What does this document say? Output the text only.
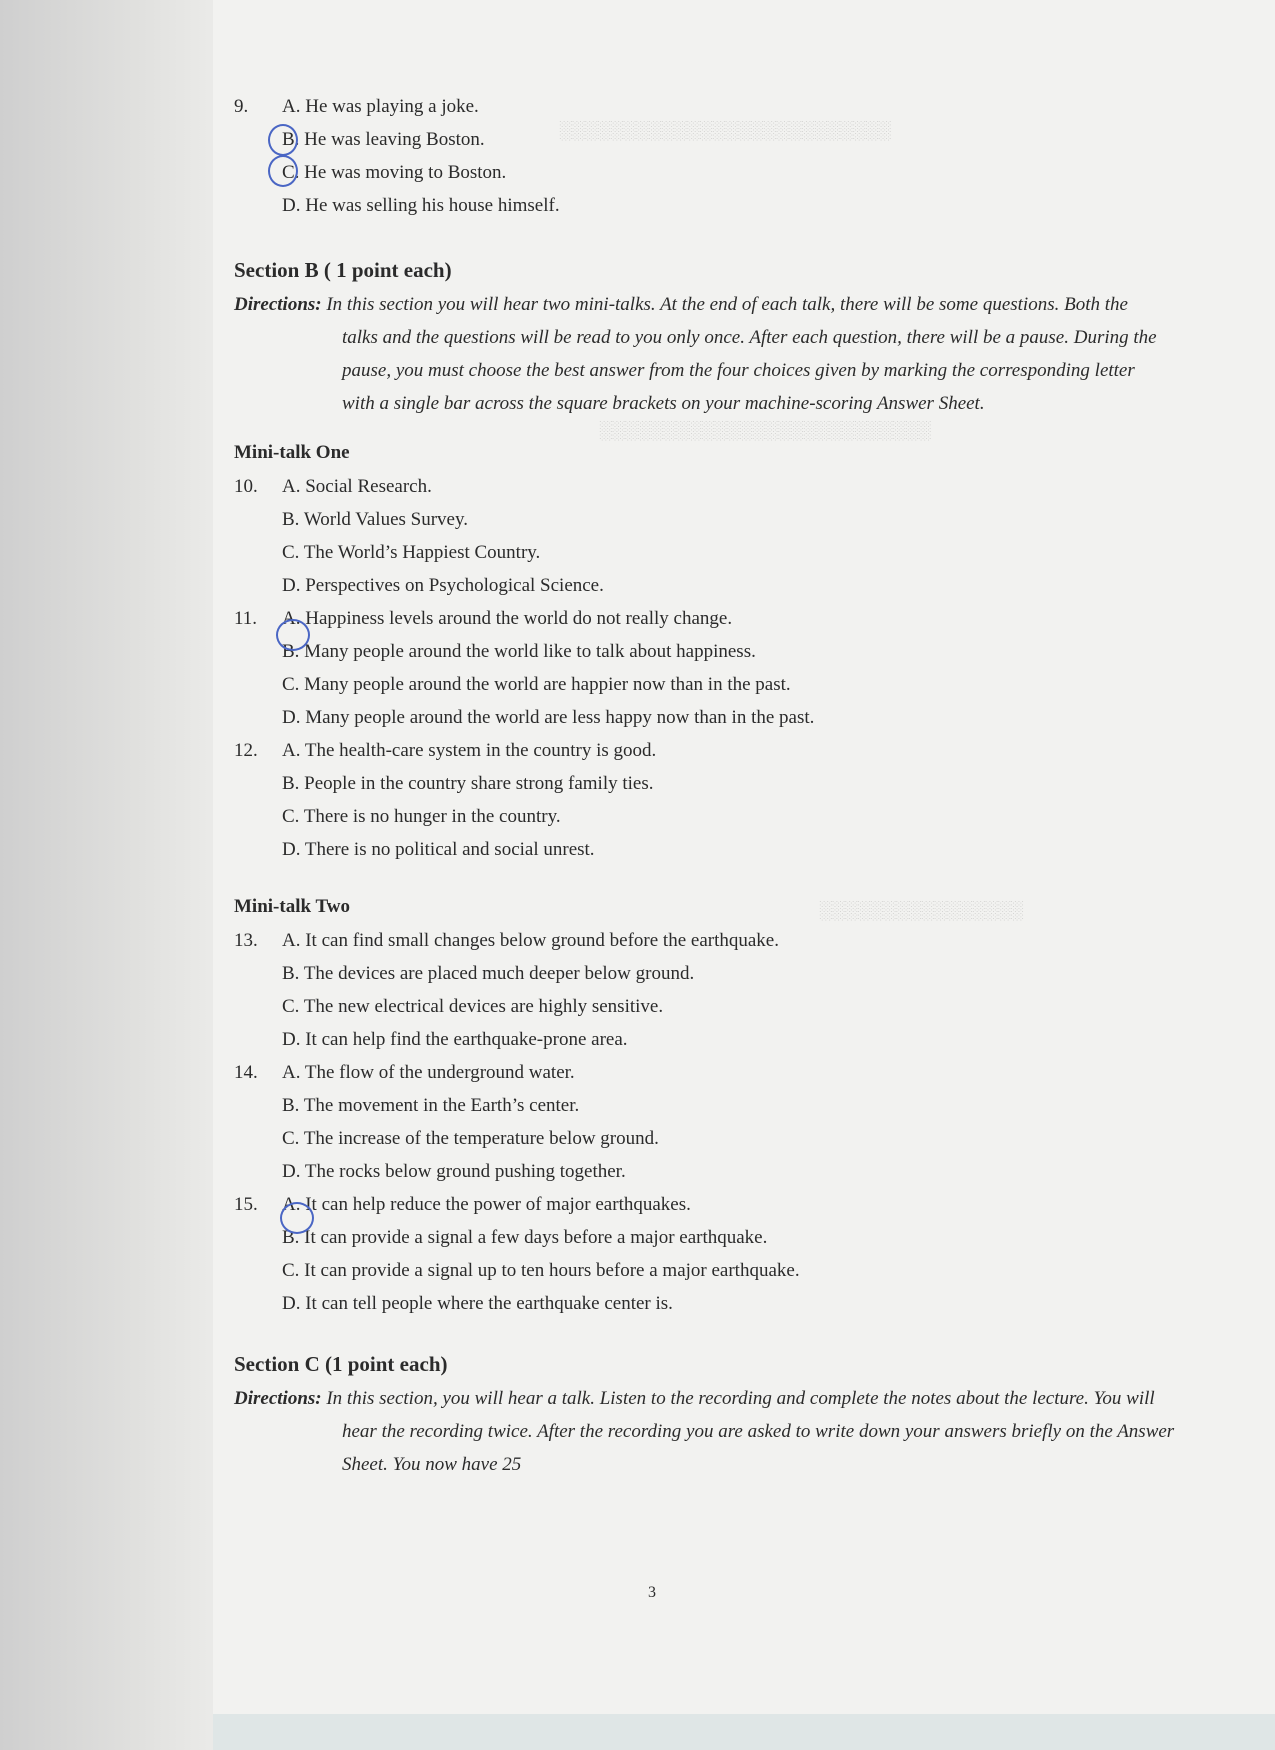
░░░░░░░░░░░░░░░░░░░░░░░░░░
░░░░░░░░░░░░░░░░░░░░░░░░░░
░░░░░░░░░░░░░░░░
9.	A. He was playing a joke.
B. He was leaving Boston.
C. He was moving to Boston.
D. He was selling his house himself.
Section B ( 1 point each)
Directions: In this section you will hear two mini-talks. At the end of each talk, there will be some questions. Both the talks and the questions will be read to you only once. After each question, there will be a pause. During the pause, you must choose the best answer from the four choices given by marking the corresponding letter with a single bar across the square brackets on your machine-scoring Answer Sheet.
Mini-talk One
10.	A. Social Research.
B. World Values Survey.
C. The World’s Happiest Country.
D. Perspectives on Psychological Science.
11.	A. Happiness levels around the world do not really change.
B. Many people around the world like to talk about happiness.
C. Many people around the world are happier now than in the past.
D. Many people around the world are less happy now than in the past.
12.	A. The health-care system in the country is good.
B. People in the country share strong family ties.
C. There is no hunger in the country.
D. There is no political and social unrest.
Mini-talk Two
13.	A. It can find small changes below ground before the earthquake.
B. The devices are placed much deeper below ground.
C. The new electrical devices are highly sensitive.
D. It can help find the earthquake-prone area.
14.	A. The flow of the underground water.
B. The movement in the Earth’s center.
C. The increase of the temperature below ground.
D. The rocks below ground pushing together.
15.	A. It can help reduce the power of major earthquakes.
B. It can provide a signal a few days before a major earthquake.
C. It can provide a signal up to ten hours before a major earthquake.
D. It can tell people where the earthquake center is.
Section C (1 point each)
Directions: In this section, you will hear a talk. Listen to the recording and complete the notes about the lecture. You will hear the recording twice. After the recording you are asked to write down your answers briefly on the Answer Sheet. You now have 25
3
